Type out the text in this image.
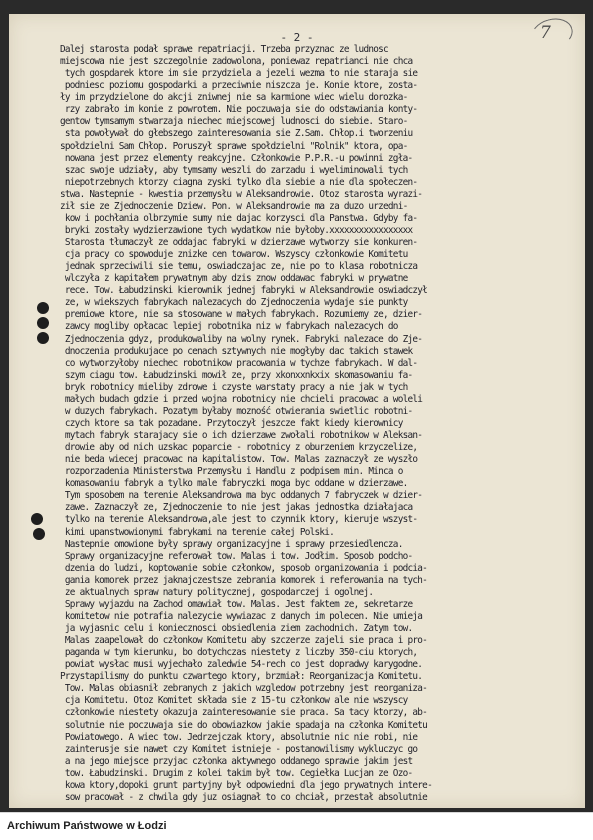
7
- 2 -
Dalej starosta podał sprawe repatriacji. Trzeba przyznac ze ludnosc
miejscowa nie jest szczegolnie zadowolona, poniewaz repatrianci nie chca
tych gospdarek ktore im sie przydziela a jezeli wezma to nie staraja sie
podniesc poziomu gospodarki a przeciwnie niszcza je. Konie ktore, zosta-
ły im przydzielone do akcji zniwnej nie sa karmione wiec wielu dorozka-
rzy zabrało im konie z powrotem. Nie poczuwaja sie do odstawiania konty-
gentow tymsamym stwarzaja niechec miejscowej ludnosci do siebie. Staro-
sta powoływał do głebszego zainteresowania sie Z.Sam. Chłop.i tworzeniu
społdzielni Sam Chłop. Poruszył sprawe społdzielni "Rolnik" ktora, opa-
nowana jest przez elementy reakcyjne. Członkowie P.P.R.-u powinni zgła-
szac swoje udziały, aby tymsamy weszli do zarzadu i wyeliminowali tych
niepotrzebnych ktorzy ciagna zyski tylko dla siebie a nie dla społeczen-
stwa. Nastepnie - kwestia przemysłu w Aleksandrowie. Otoz starosta wyrazi-
ził sie ze Zjednoczenie Dziew. Pon. w Aleksandrowie ma za duzo urzedni-
kow i pochłania olbrzymie sumy nie dajac korzysci dla Panstwa. Gdyby fa-
bryki zostały wydzierzawione tych wydatkow nie byłoby.xxxxxxxxxxxxxxxxx
Starosta tłumaczył ze oddajac fabryki w dzierzawe wytworzy sie konkuren-
cja pracy co spowoduje znizke cen towarow. Wszyscy członkowie Komitetu
jednak sprzeciwili sie temu, oswiadczajac ze, nie po to klasa robotnicza
wlczyła z kapitałem prywatnym aby dzis znow oddawac fabryki w prywatne
rece. Tow. Łabudzinski kierownik jednej fabryki w Aleksandrowie oswiadczył
ze, w wiekszych fabrykach nalezacych do Zjednoczenia wydaje sie punkty
premiowe ktore, nie sa stosowane w małych fabrykach. Rozumiemy ze, dzier-
zawcy mogliby opłacac lepiej robotnika niz w fabrykach nalezacych do
Zjednoczenia gdyz, produkowaliby na wolny rynek. Fabryki nalezace do Zje-
dnoczenia produkujace po cenach sztywnych nie mogłyby dac takich stawek
co wytworzyłoby niechec robotnikow pracowania w tychze fabrykach. W dal-
szym ciagu tow. Łabudzinski mowił ze, przy xkonxxnkxix skomasowaniu fa-
bryk robotnicy mieliby zdrowe i czyste warstaty pracy a nie jak w tych
małych budach gdzie i przed wojna robotnicy nie chcieli pracowac a woleli
w duzych fabrykach. Pozatym byłaby mozność otwierania swietlic robotni-
czych ktore sa tak pozadane. Przytoczył jeszcze fakt kiedy kierownicy
mytach fabryk starajacy sie o ich dzierzawe zwołali robotnikow w Aleksan-
drowie aby od nich uzskac poparcie - robotnicy z oburzeniem krzyczelize,
nie beda wiecej pracowac na kapitalistow. Tow. Malas zaznaczył ze wyszło
rozporzadenia Ministerstwa Przemysłu i Handlu z podpisem min. Minca o
komasowaniu fabryk a tylko male fabryczki moga byc oddane w dzierzawe.
Tym sposobem na terenie Aleksandrowa ma byc oddanych 7 fabryczek w dzier-
zawe. Zaznaczył ze, Zjednoczenie to nie jest jakas jednostka działajaca
tylko na terenie Aleksandrowa,ale jest to czynnik ktory, kieruje wszyst-
kimi upanstwowionymi fabrykami na terenie całej Polski.
Nastepnie omowione były sprawy organizacyjne i sprawy przesiedlencza.
Sprawy organizacyjne referował tow. Malas i tow. Jodłim. Sposob podcho-
dzenia do ludzi, koptowanie sobie członkow, sposob organizowania i podcia-
gania komorek przez jaknajczestsze zebrania komorek i referowania na tych-
ze aktualnych spraw natury politycznej, gospodarczej i ogolnej.
Sprawy wyjazdu na Zachod omawiał tow. Malas. Jest faktem ze, sekretarze
komitetow nie potrafia nalezycie wywiazac z danych im polecen. Nie umieja
ja wyjasnic celu i koniecznosci obsiedlenia ziem zachodnich. Zatym tow.
Malas zaapelował do członkow Komitetu aby szczerze zajeli sie praca i pro-
paganda w tym kierunku, bo dotychczas niestety z liczby 350-ciu ktorych,
powiat wysłac musi wyjechało zaledwie 54-rech co jest dopradwy karygodne.
Przystapilismy do punktu czwartego ktory, brzmiał: Reorganizacja Komitetu.
Tow. Malas obiasnił zebranych z jakich wzgledow potrzebny jest reorganiza-
cja Komitetu. Otoz Komitet składa sie z 15-tu członkow ale nie wszyscy
członkowie niestety okazuja zainteresowanie sie praca. Sa tacy ktorzy, ab-
solutnie nie poczuwaja sie do obowiazkow jakie spadaja na członka Komitetu
Powiatowego. A wiec tow. Jedrzejczak ktory, absolutnie nic nie robi, nie
zainterusje sie nawet czy Komitet istnieje - postanowilismy wykluczyc go
a na jego miejsce przyjac członka aktywnego oddanego sprawie jakim jest
tow. Łabudzinski. Drugim z kolei takim był tow. Cegiełka Lucjan ze Ozo-
kowa ktory,dopoki grunt partyjny był odpowiedni dla jego prywatnych intere-
sow pracował - z chwila gdy juz osiagnał to co chciał, przestał absolutnie
Archiwum Państwowe w Łodzi
